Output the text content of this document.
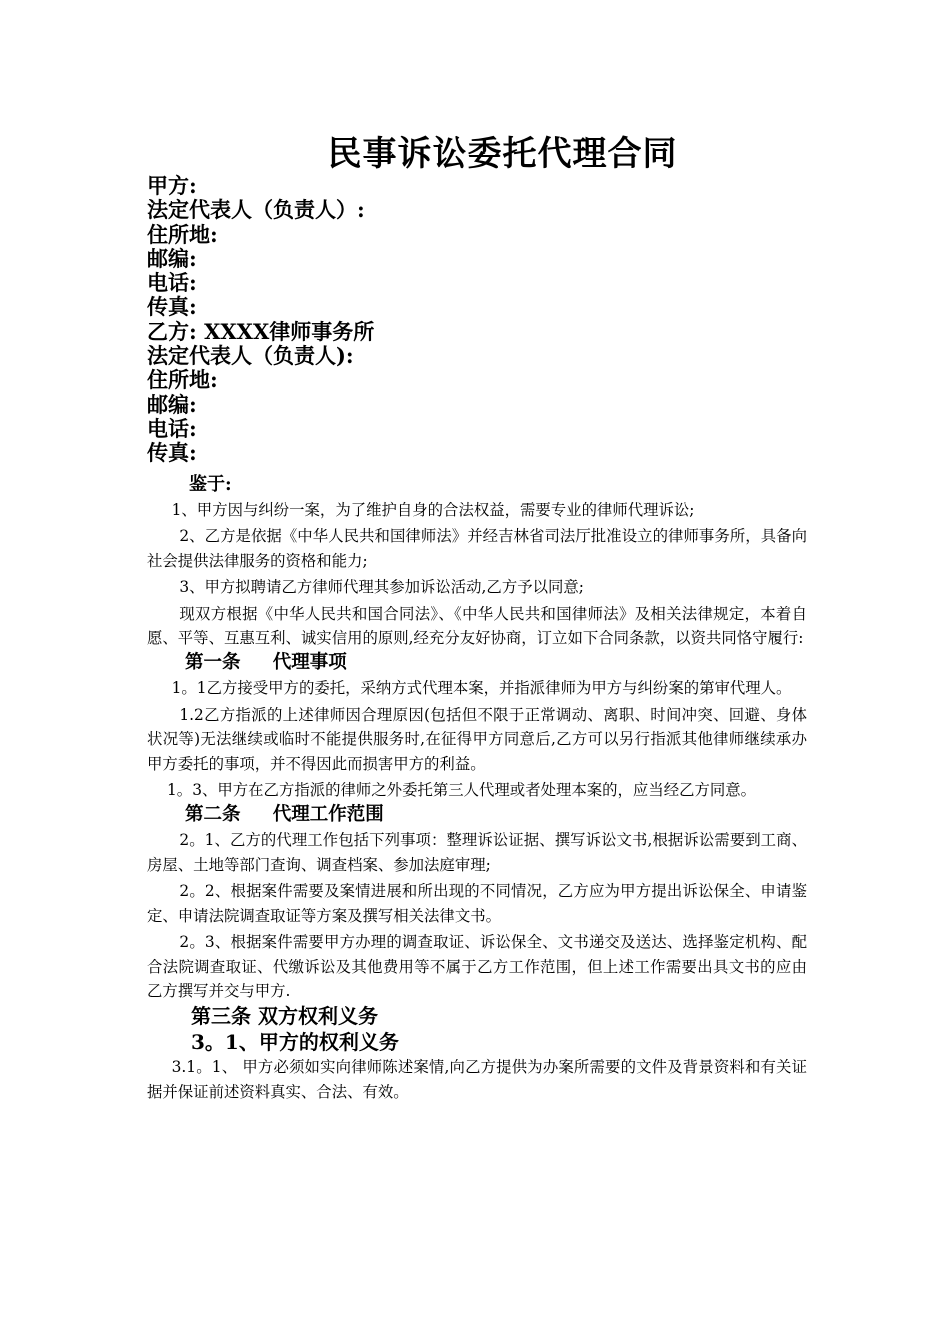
民事诉讼委托代理合同
甲方:
法定代表人（负责人）:
住所地:
邮编:
电话:
传真:
乙方: XXXX律师事务所
法定代表人（负责人):
住所地:
邮编:
电话:
传真:
鉴于:

1、甲方因与纠纷一案，为了维护自身的合法权益，需要专业的律师代理诉讼;

2、乙方是依据《中华人民共和国律师法》并经吉林省司法厅批准设立的律师事务所，具备向社会提供法律服务的资格和能力;

3、甲方拟聘请乙方律师代理其参加诉讼活动,乙方予以同意;

现双方根据《中华人民共和国合同法》、《中华人民共和国律师法》及相关法律规定，本着自愿、平等、互惠互利、诚实信用的原则,经充分友好协商，订立如下合同条款，以资共同恪守履行:

第一条     代理事项

1。1乙方接受甲方的委托，采纳方式代理本案，并指派律师为甲方与纠纷案的第审代理人。

1.2乙方指派的上述律师因合理原因(包括但不限于正常调动、离职、时间冲突、回避、身体状况等)无法继续或临时不能提供服务时,在征得甲方同意后,乙方可以另行指派其他律师继续承办甲方委托的事项，并不得因此而损害甲方的利益。

1。3、甲方在乙方指派的律师之外委托第三人代理或者处理本案的，应当经乙方同意。

第二条     代理工作范围

2。1、乙方的代理工作包括下列事项：整理诉讼证据、撰写诉讼文书,根据诉讼需要到工商、房屋、土地等部门查询、调查档案、参加法庭审理;

2。2、根据案件需要及案情进展和所出现的不同情况，乙方应为甲方提出诉讼保全、申请鉴定、申请法院调查取证等方案及撰写相关法律文书。

2。3、根据案件需要甲方办理的调查取证、诉讼保全、文书递交及送达、选择鉴定机构、配合法院调查取证、代缴诉讼及其他费用等不属于乙方工作范围，但上述工作需要出具文书的应由乙方撰写并交与甲方.

第三条 双方权利义务
3。1、甲方的权利义务

3.1。1、 甲方必须如实向律师陈述案情,向乙方提供为办案所需要的文件及背景资料和有关证据并保证前述资料真实、合法、有效。
